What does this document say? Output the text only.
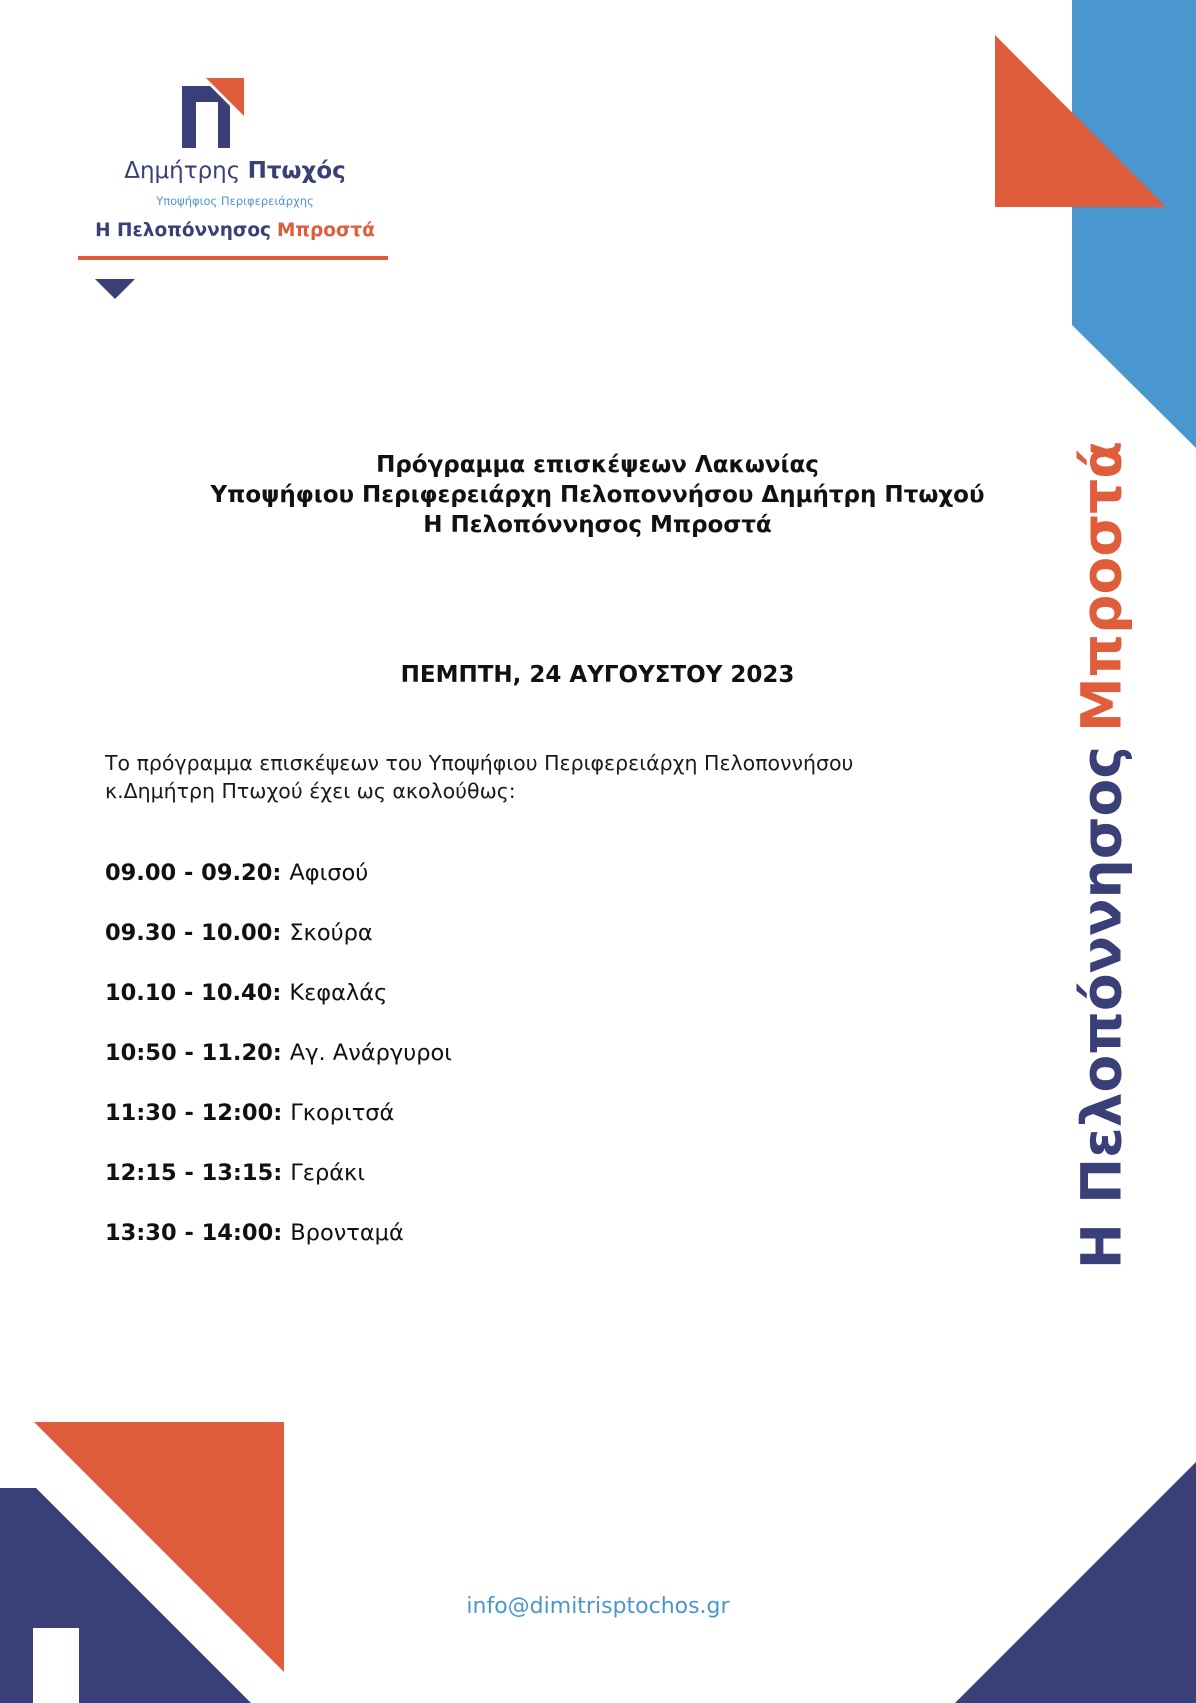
Δημήτρης Πτωχός
Υποψήφιος Περιφερειάρχης
Η Πελοπόννησος Μπροστά
Η ΠελοπόννησοςΜπροστά
Πρόγραμμα επισκέψεων Λακωνίας
Υποψήφιου Περιφερειάρχη Πελοποννήσου Δημήτρη Πτωχού
Η Πελοπόννησος Μπροστά
ΠΕΜΠΤΗ, 24 ΑΥΓΟΥΣΤΟΥ 2023
Το πρόγραμμα επισκέψεων του Υποψήφιου Περιφερειάρχη Πελοποννήσου
κ.Δημήτρη Πτωχού έχει ως ακολούθως:
09.00 - 09.20: Αφισού
09.30 - 10.00: Σκούρα
10.10 - 10.40: Κεφαλάς
10:50 - 11.20: Αγ. Ανάργυροι
11:30 - 12:00: Γκοριτσά
12:15 - 13:15: Γεράκι
13:30 - 14:00: Βροντα​μά
info@dimitrisptochos.gr
